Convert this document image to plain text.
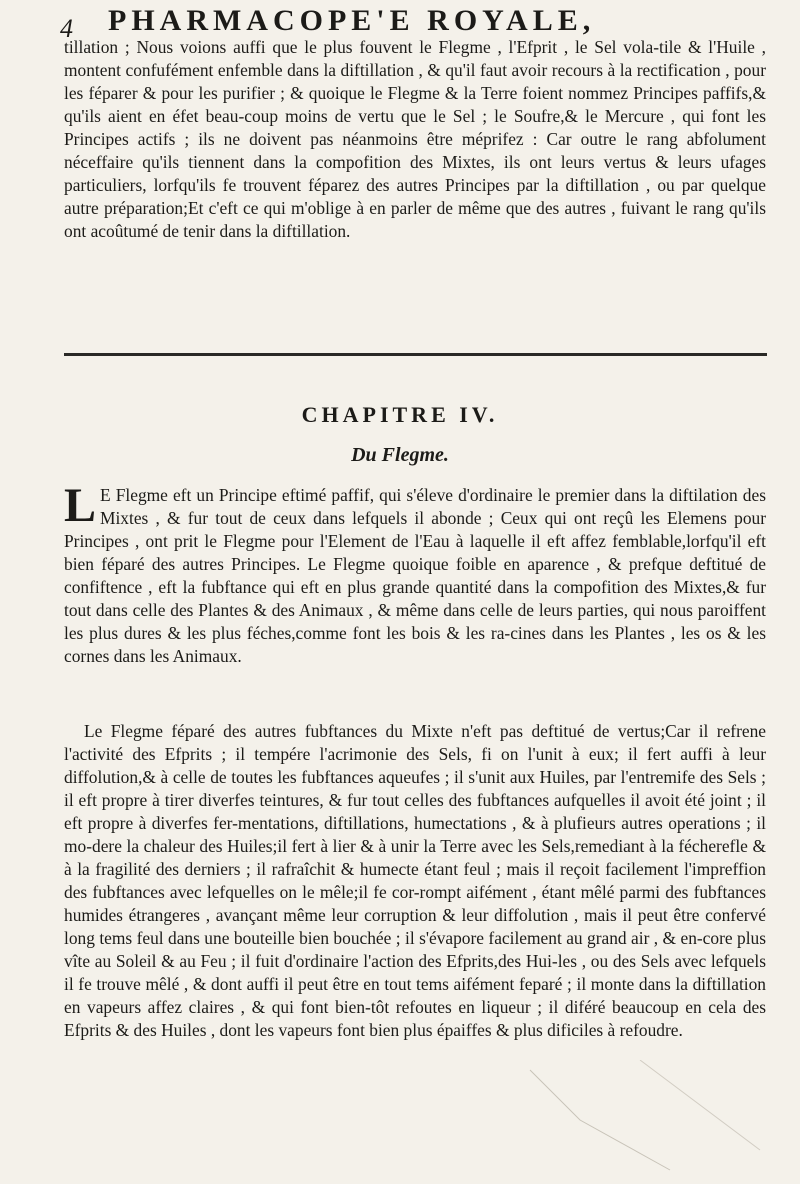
4 PHARMACOPE'E ROYALE,
tillation ; Nous voions auffi que le plus fouvent le Flegme , l'Efprit , le Sel vola-tile & l'Huile , montent confufément enfemble dans la diftillation , & qu'il faut avoir recours à la rectification , pour les féparer & pour les purifier ; & quoique le Flegme & la Terre foient nommez Principes paffifs,& qu'ils aient en éfet beau-coup moins de vertu que le Sel ; le Soufre,& le Mercure , qui font les Principes actifs ; ils ne doivent pas néanmoins être méprifez : Car outre le rang abfolument néceffaire qu'ils tiennent dans la compofition des Mixtes, ils ont leurs vertus & leurs ufages particuliers, lorfqu'ils fe trouvent féparez des autres Principes par la diftillation , ou par quelque autre préparation;Et c'eft ce qui m'oblige à en parler de même que des autres , fuivant le rang qu'ils ont acoûtumé de tenir dans la diftillation.
CHAPITRE IV.
Du Flegme.
L E Flegme eft un Principe eftimé paffif, qui s'éleve d'ordinaire le premier dans la diftilation des Mixtes , & fur tout de ceux dans lefquels il abonde ; Ceux qui ont reçû les Elemens pour Principes , ont prit le Flegme pour l'Element de l'Eau à laquelle il eft affez femblable,lorfqu'il eft bien féparé des autres Principes. Le Flegme quoique foible en aparence , & prefque deftitué de confiftence , eft la fubftance qui eft en plus grande quantité dans la compofition des Mixtes,& fur tout dans celle des Plantes & des Animaux , & même dans celle de leurs parties, qui nous paroiffent les plus dures & les plus féches,comme font les bois & les ra-cines dans les Plantes , les os & les cornes dans les Animaux.
Le Flegme féparé des autres fubftances du Mixte n'eft pas deftitué de vertus;Car il refrene l'activité des Efprits ; il tempére l'acrimonie des Sels, fi on l'unit à eux; il fert auffi à leur diffolution,& à celle de toutes les fubftances aqueufes ; il s'unit aux Huiles, par l'entremife des Sels ; il eft propre à tirer diverfes teintures, & fur tout celles des fubftances aufquelles il avoit été joint ; il eft propre à diverfes fer-mentations, diftillations, humectations , & à plufieurs autres operations ; il mo-dere la chaleur des Huiles;il fert à lier & à unir la Terre avec les Sels,remediant à la fécherefle & à la fragilité des derniers ; il rafraîchit & humecte étant feul ; mais il reçoit facilement l'impreffion des fubftances avec lefquelles on le mêle;il fe cor-rompt aifément , étant mêlé parmi des fubftances humides étrangeres , avançant même leur corruption & leur diffolution , mais il peut être confervé long tems feul dans une bouteille bien bouchée ; il s'évapore facilement au grand air , & en-core plus vîte au Soleil & au Feu ; il fuit d'ordinaire l'action des Efprits,des Hui-les , ou des Sels avec lefquels il fe trouve mêlé , & dont auffi il peut être en tout tems aifément feparé ; il monte dans la diftillation en vapeurs affez claires , & qui font bien-tôt refoutes en liqueur ; il diféré beaucoup en cela des Efprits & des Huiles , dont les vapeurs font bien plus épaiffes & plus dificiles à refoudre.
